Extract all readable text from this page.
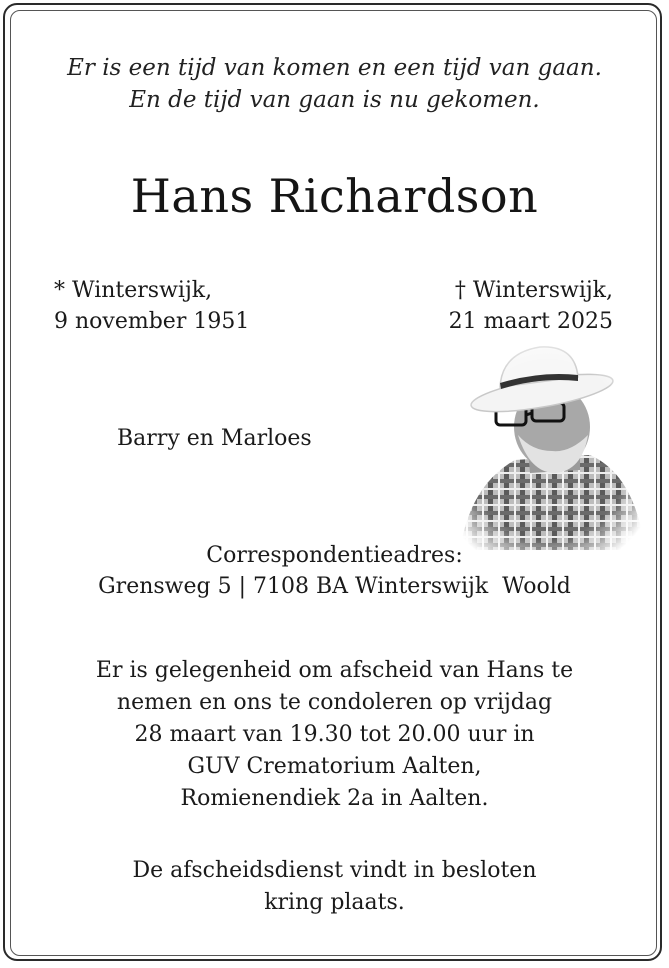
Er is een tijd van komen en een tijd van gaan.
En de tijd van gaan is nu gekomen.
Hans Richardson
* Winterswijk,
9 november 1951
† Winterswijk,
21 maart 2025
Barry en Marloes
Correspondentieadres:
Grensweg 5 | 7108 BA Winterswijk  Woold
Er is gelegenheid om afscheid van Hans te
nemen en ons te condoleren op vrijdag
28 maart van 19.30 tot 20.00 uur in
GUV Crematorium Aalten,
Romienendiek 2a in Aalten.
De afscheidsdienst vindt in besloten
kring plaats.
